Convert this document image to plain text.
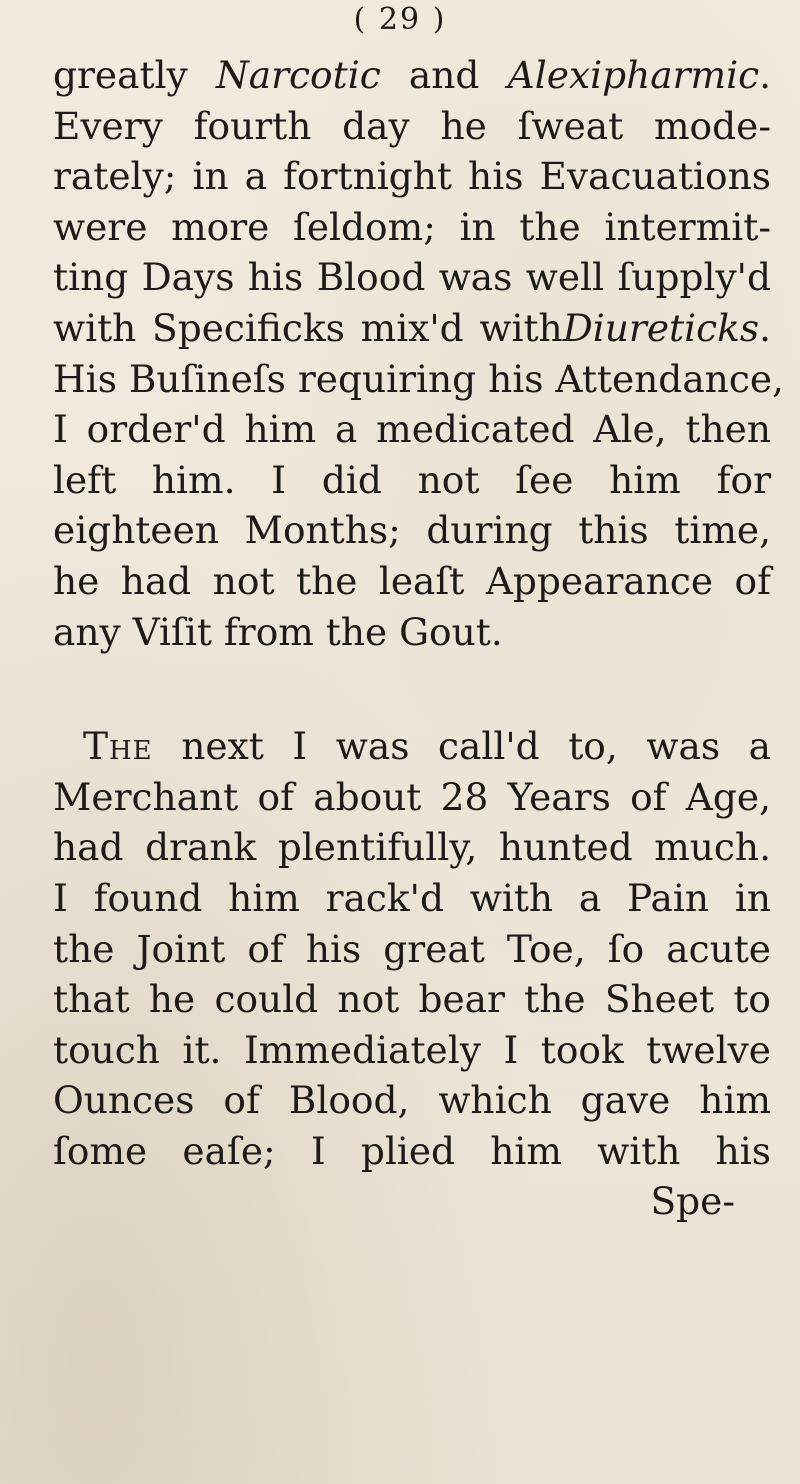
( 29 )

greatly Narcotic and Alexipharmic.
Every fourth day he ſweat mode-
rately; in a fortnight his Evacuations
were more ſeldom; in the intermit-
ting Days his Blood was well ſupply'd
with Specificks mix'd withDiureticks.
His Buſineſs requiring his Attendance,
I order'd him a medicated Ale, then
left him. I did not ſee him for
eighteen Months; during this time,
he had not the leaſt Appearance of
any Viſit from the Gout.

The next I was call'd to, was a
Merchant of about 28 Years of Age,
had drank plentifully, hunted much.
I found him rack'd with a Pain in
the Joint of his great Toe, ſo acute
that he could not bear the Sheet to
touch it. Immediately I took twelve
Ounces of Blood, which gave him
ſome eaſe; I plied him with his
Spe-
